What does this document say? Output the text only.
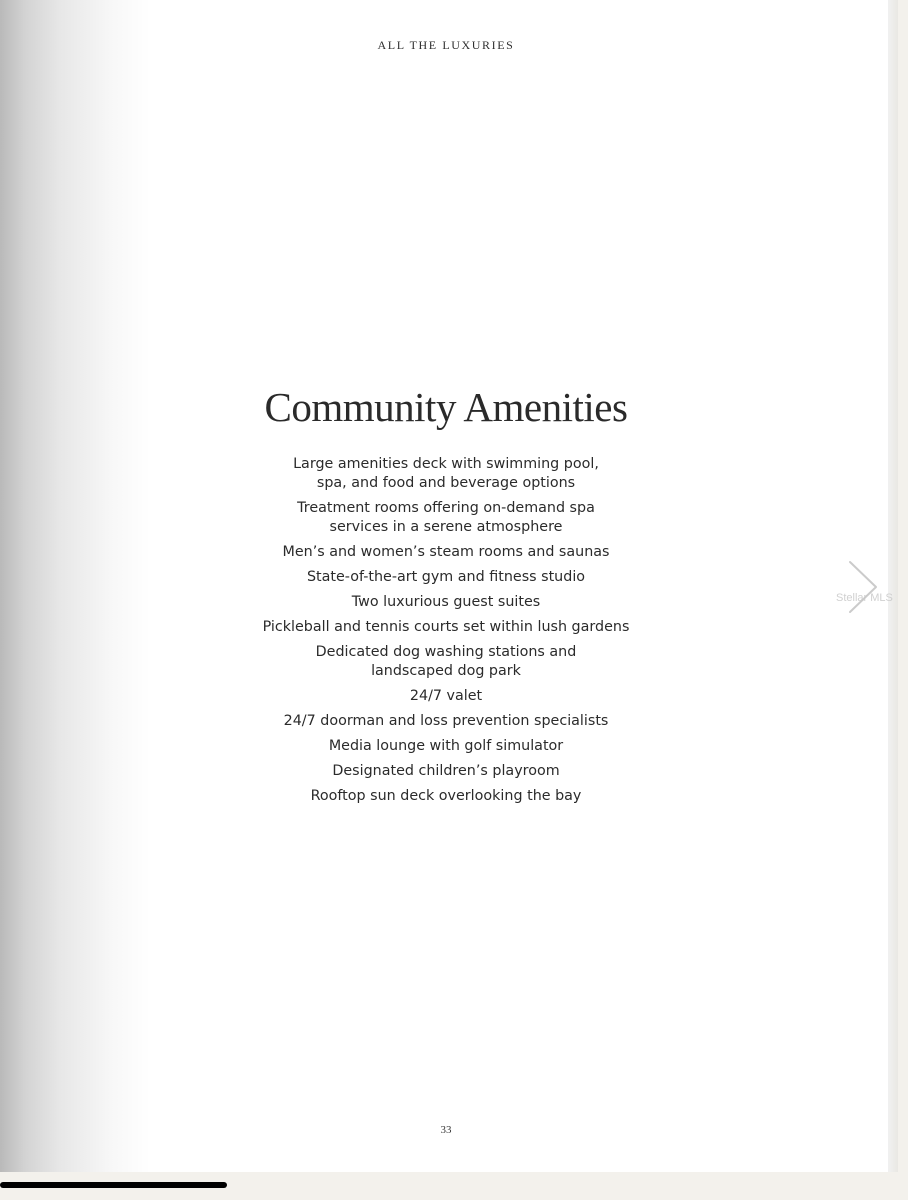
ALL THE LUXURIES
Community Amenities
Large amenities deck with swimming pool,
spa, and food and beverage options
Treatment rooms offering on-demand spa
services in a serene atmosphere
Men’s and women’s steam rooms and saunas
State-of-the-art gym and fitness studio
Two luxurious guest suites
Pickleball and tennis courts set within lush gardens
Dedicated dog washing stations and
landscaped dog park
24/7 valet
24/7 doorman and loss prevention specialists
Media lounge with golf simulator
Designated children’s playroom
Rooftop sun deck overlooking the bay
33
Stellar MLS
